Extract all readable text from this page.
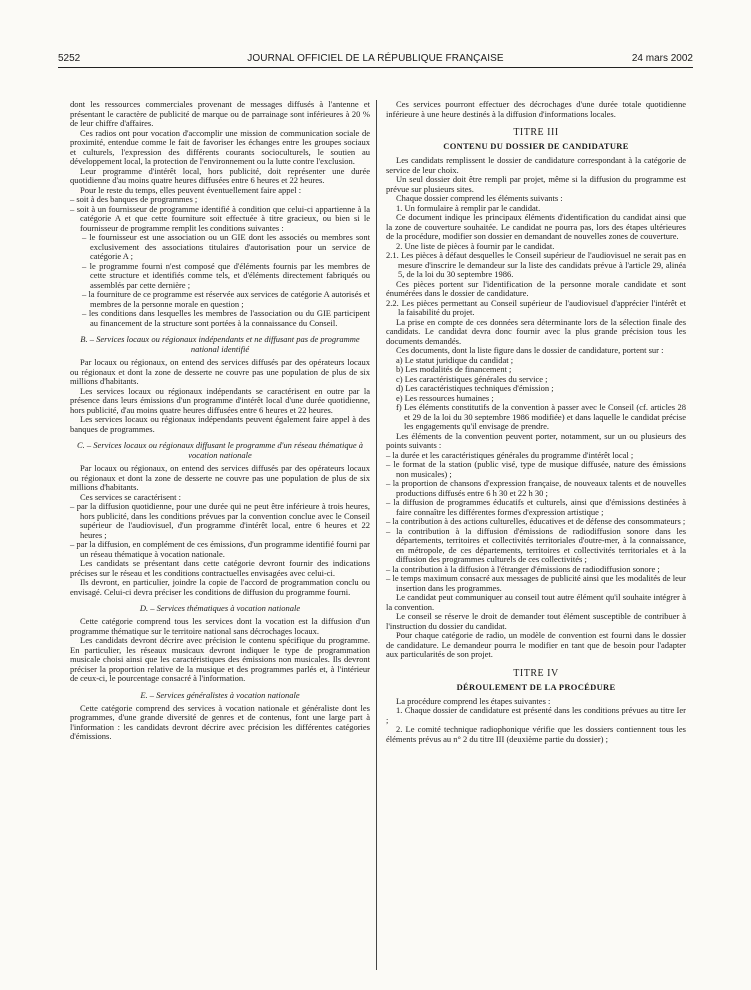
5252	JOURNAL OFFICIEL DE LA RÉPUBLIQUE FRANÇAISE	24 mars 2002

dont les ressources commerciales provenant de messages diffusés à l'antenne et présentant le caractère de publicité de marque ou de parrainage sont inférieures à 20 % de leur chiffre d'affaires.

Ces radios ont pour vocation d'accomplir une mission de communication sociale de proximité, entendue comme le fait de favoriser les échanges entre les groupes sociaux et culturels, l'expression des différents courants socioculturels, le soutien au développement local, la protection de l'environnement ou la lutte contre l'exclusion.

Leur programme d'intérêt local, hors publicité, doit représenter une durée quotidienne d'au moins quatre heures diffusées entre 6 heures et 22 heures.

Pour le reste du temps, elles peuvent éventuellement faire appel :

– soit à des banques de programmes ;

– soit à un fournisseur de programme identifié à condition que celui-ci appartienne à la catégorie A et que cette fourniture soit effectuée à titre gracieux, ou bien si le fournisseur de programme remplit les conditions suivantes :

– le fournisseur est une association ou un GIE dont les associés ou membres sont exclusivement des associations titulaires d'autorisation pour un service de catégorie A ;

– le programme fourni n'est composé que d'éléments fournis par les membres de cette structure et identifiés comme tels, et d'éléments directement fabriqués ou assemblés par cette dernière ;

– la fourniture de ce programme est réservée aux services de catégorie A autorisés et membres de la personne morale en question ;

– les conditions dans lesquelles les membres de l'association ou du GIE participent au financement de la structure sont portées à la connaissance du Conseil.

B. – Services locaux ou régionaux indépendants et ne diffusant pas de programme national identifié

Par locaux ou régionaux, on entend des services diffusés par des opérateurs locaux ou régionaux et dont la zone de desserte ne couvre pas une population de plus de six millions d'habitants.

Les services locaux ou régionaux indépendants se caractérisent en outre par la présence dans leurs émissions d'un programme d'intérêt local d'une durée quotidienne, hors publicité, d'au moins quatre heures diffusées entre 6 heures et 22 heures.

Les services locaux ou régionaux indépendants peuvent également faire appel à des banques de programmes.

C. – Services locaux ou régionaux diffusant le programme d'un réseau thématique à vocation nationale

Par locaux ou régionaux, on entend des services diffusés par des opérateurs locaux ou régionaux et dont la zone de desserte ne couvre pas une population de plus de six millions d'habitants.

Ces services se caractérisent :

– par la diffusion quotidienne, pour une durée qui ne peut être inférieure à trois heures, hors publicité, dans les conditions prévues par la convention conclue avec le Conseil supérieur de l'audiovisuel, d'un programme d'intérêt local, entre 6 heures et 22 heures ;

– par la diffusion, en complément de ces émissions, d'un programme identifié fourni par un réseau thématique à vocation nationale.

Les candidats se présentant dans cette catégorie devront fournir des indications précises sur le réseau et les conditions contractuelles envisagées avec celui-ci.

Ils devront, en particulier, joindre la copie de l'accord de programmation conclu ou envisagé. Celui-ci devra préciser les conditions de diffusion du programme fourni.

D. – Services thématiques à vocation nationale

Cette catégorie comprend tous les services dont la vocation est la diffusion d'un programme thématique sur le territoire national sans décrochages locaux.

Les candidats devront décrire avec précision le contenu spécifique du programme. En particulier, les réseaux musicaux devront indiquer le type de programmation musicale choisi ainsi que les caractéristiques des émissions non musicales. Ils devront préciser la proportion relative de la musique et des programmes parlés et, à l'intérieur de ceux-ci, le pourcentage consacré à l'information.

E. – Services généralistes à vocation nationale

Cette catégorie comprend des services à vocation nationale et généraliste dont les programmes, d'une grande diversité de genres et de contenus, font une large part à l'information : les candidats devront décrire avec précision les différentes catégories d'émissions.

Ces services pourront effectuer des décrochages d'une durée totale quotidienne inférieure à une heure destinés à la diffusion d'informations locales.

TITRE III

CONTENU DU DOSSIER DE CANDIDATURE

Les candidats remplissent le dossier de candidature correspondant à la catégorie de service de leur choix.

Un seul dossier doit être rempli par projet, même si la diffusion du programme est prévue sur plusieurs sites.

Chaque dossier comprend les éléments suivants :

1. Un formulaire à remplir par le candidat.

Ce document indique les principaux éléments d'identification du candidat ainsi que la zone de couverture souhaitée. Le candidat ne pourra pas, lors des étapes ultérieures de la procédure, modifier son dossier en demandant de nouvelles zones de couverture.

2. Une liste de pièces à fournir par le candidat.

2.1. Les pièces à défaut desquelles le Conseil supérieur de l'audiovisuel ne serait pas en mesure d'inscrire le demandeur sur la liste des candidats prévue à l'article 29, alinéa 5, de la loi du 30 septembre 1986.

Ces pièces portent sur l'identification de la personne morale candidate et sont énumérées dans le dossier de candidature.

2.2. Les pièces permettant au Conseil supérieur de l'audiovisuel d'apprécier l'intérêt et la faisabilité du projet.

La prise en compte de ces données sera déterminante lors de la sélection finale des candidats. Le candidat devra donc fournir avec la plus grande précision tous les documents demandés.

Ces documents, dont la liste figure dans le dossier de candidature, portent sur :

a) Le statut juridique du candidat ;

b) Les modalités de financement ;

c) Les caractéristiques générales du service ;

d) Les caractéristiques techniques d'émission ;

e) Les ressources humaines ;

f) Les éléments constitutifs de la convention à passer avec le Conseil (cf. articles 28 et 29 de la loi du 30 septembre 1986 modifiée) et dans laquelle le candidat précise les engagements qu'il envisage de prendre.

Les éléments de la convention peuvent porter, notamment, sur un ou plusieurs des points suivants :

– la durée et les caractéristiques générales du programme d'intérêt local ;

– le format de la station (public visé, type de musique diffusée, nature des émissions non musicales) ;

– la proportion de chansons d'expression française, de nouveaux talents et de nouvelles productions diffusés entre 6 h 30 et 22 h 30 ;

– la diffusion de programmes éducatifs et culturels, ainsi que d'émissions destinées à faire connaître les différentes formes d'expression artistique ;

– la contribution à des actions culturelles, éducatives et de défense des consommateurs ;

– la contribution à la diffusion d'émissions de radiodiffusion sonore dans les départements, territoires et collectivités territoriales d'outre-mer, à la connaissance, en métropole, de ces départements, territoires et collectivités territoriales et à la diffusion des programmes culturels de ces collectivités ;

– la contribution à la diffusion à l'étranger d'émissions de radiodiffusion sonore ;

– le temps maximum consacré aux messages de publicité ainsi que les modalités de leur insertion dans les programmes.

Le candidat peut communiquer au conseil tout autre élément qu'il souhaite intégrer à la convention.

Le conseil se réserve le droit de demander tout élément susceptible de contribuer à l'instruction du dossier du candidat.

Pour chaque catégorie de radio, un modèle de convention est fourni dans le dossier de candidature. Le demandeur pourra le modifier en tant que de besoin pour l'adapter aux particularités de son projet.

TITRE IV

DÉROULEMENT DE LA PROCÉDURE

La procédure comprend les étapes suivantes :

1. Chaque dossier de candidature est présenté dans les conditions prévues au titre Ier ;

2. Le comité technique radiophonique vérifie que les dossiers contiennent tous les éléments prévus au n° 2 du titre III (deuxième partie du dossier) ;
